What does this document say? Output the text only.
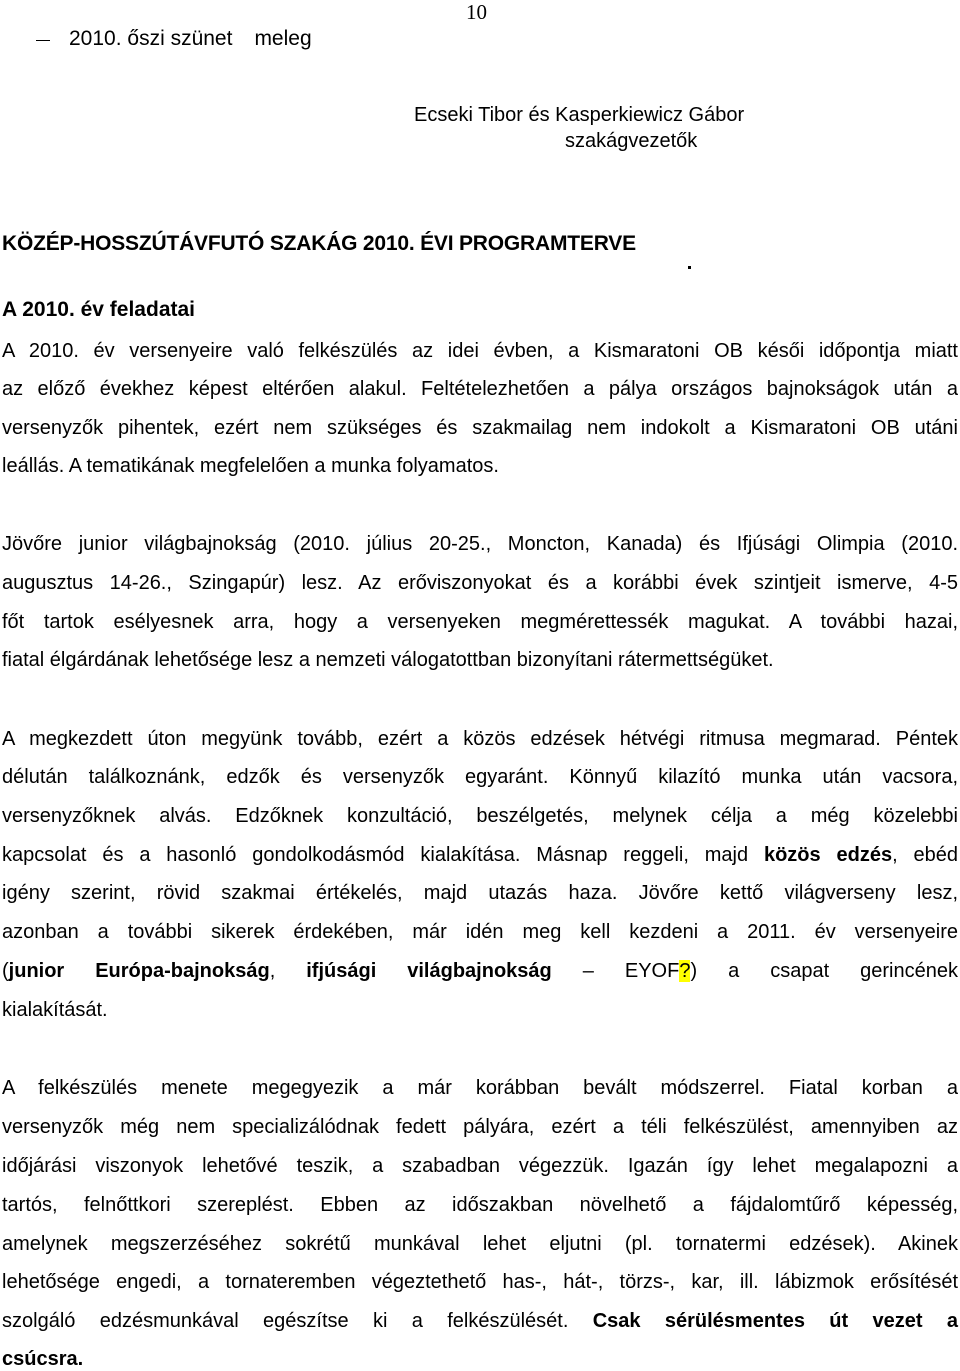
10
2010. őszi szünet meleg
Ecseki Tibor és Kasperkiewicz Gábor
szakágvezetők
KÖZÉP-HOSSZÚTÁVFUTÓ SZAKÁG 2010. ÉVI PROGRAMTERVE
A 2010. év feladatai

A 2010. év versenyeire való felkészülés az idei évben, a Kismaratoni OB késői időpontja miatt

az előző évekhez képest eltérően alakul. Feltételezhetően a pálya országos bajnokságok után a

versenyzők pihentek, ezért nem szükséges és szakmailag nem indokolt a Kismaratoni OB utáni

leállás. A tematikának megfelelően a munka folyamatos.

Jövőre junior világbajnokság (2010. július 20-25., Moncton, Kanada) és Ifjúsági Olimpia (2010.

augusztus 14-26., Szingapúr) lesz. Az erőviszonyokat és a korábbi évek szintjeit ismerve, 4-5

főt tartok esélyesnek arra, hogy a versenyeken megmérettessék magukat. A további hazai,

fiatal élgárdának lehetősége lesz a nemzeti válogatottban bizonyítani rátermettségüket.

A megkezdett úton megyünk tovább, ezért a közös edzések hétvégi ritmusa megmarad. Péntek

délután találkoznánk, edzők és versenyzők egyaránt. Könnyű kilazító munka után vacsora,

versenyzőknek alvás. Edzőknek konzultáció, beszélgetés, melynek célja a még közelebbi

kapcsolat és a hasonló gondolkodásmód kialakítása. Másnap reggeli, majd közös edzés, ebéd

igény szerint, rövid szakmai értékelés, majd utazás haza. Jövőre kettő világverseny lesz,

azonban a további sikerek érdekében, már idén meg kell kezdeni a 2011. év versenyeire

(junior Európa-bajnokság, ifjúsági világbajnokság – EYOF?) a csapat gerincének

kialakítását.

A felkészülés menete megegyezik a már korábban bevált módszerrel. Fiatal korban a

versenyzők még nem specializálódnak fedett pályára, ezért a téli felkészülést, amennyiben az

időjárási viszonyok lehetővé teszik, a szabadban végezzük. Igazán így lehet megalapozni a

tartós, felnőttkori szereplést. Ebben az időszakban növelhető a fájdalomtűrő képesség,

amelynek megszerzéséhez sokrétű munkával lehet eljutni (pl. tornatermi edzések). Akinek

lehetősége engedi, a tornateremben végeztethető has-, hát-, törzs-, kar, ill. lábizmok erősítését

szolgáló edzésmunkával egészítse ki a felkészülését. Csak sérülésmentes út vezet a

csúcsra.
